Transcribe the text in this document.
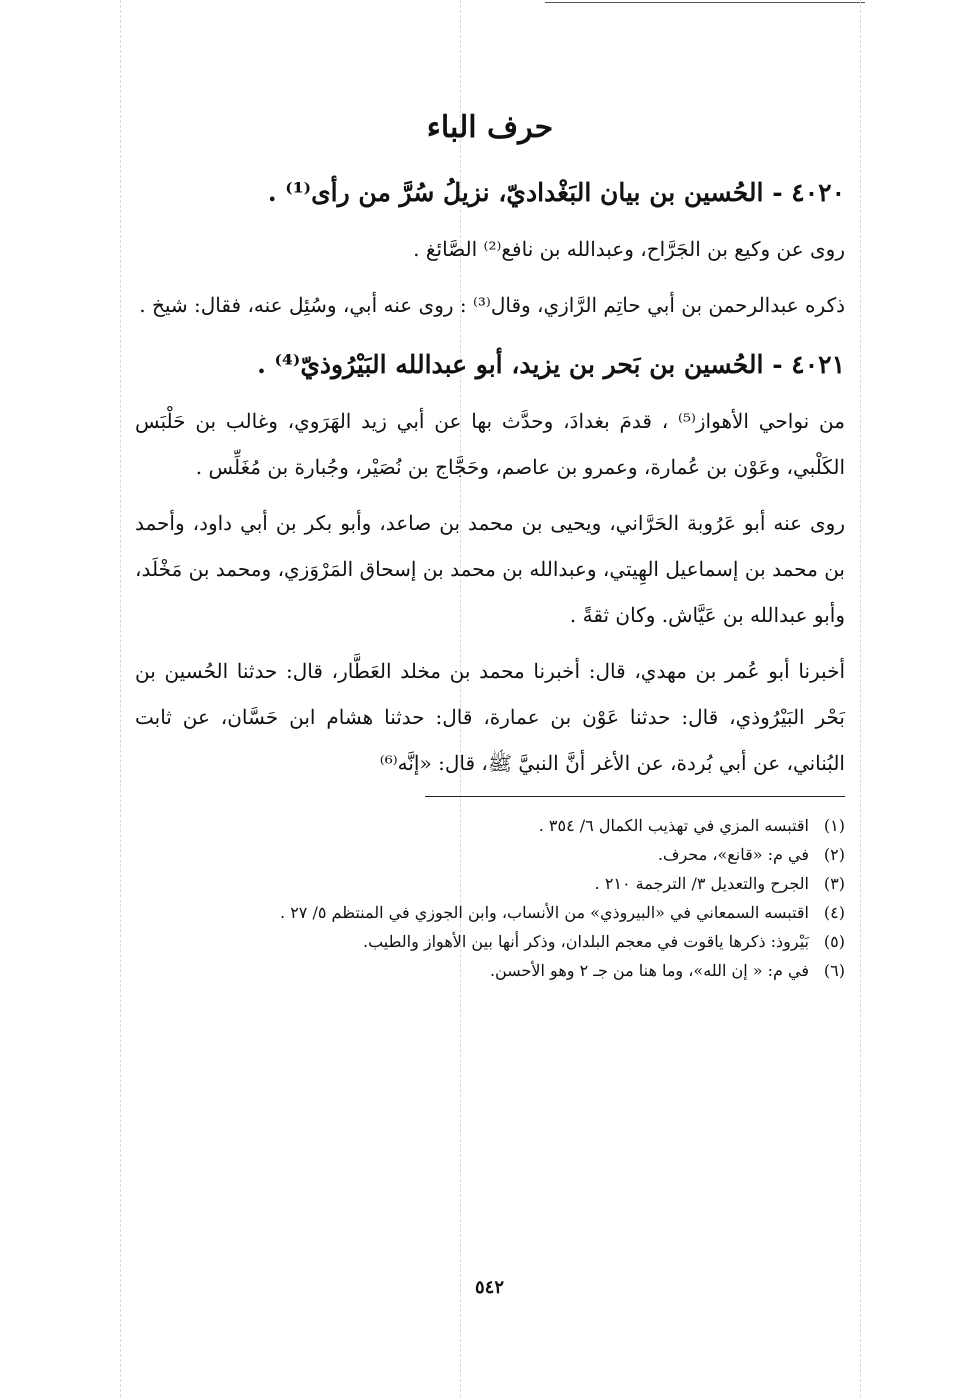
حرف الباء
٤٠٢٠ - الحُسين بن بيان البَغْداديّ، نزيلُ سُرَّ من رأى⁽¹⁾ .

روى عن وكيع بن الجَرَّاح، وعبدالله بن نافع⁽²⁾ الصَّائغ .

ذكره عبدالرحمن بن أبي حاتِم الرَّازي، وقال⁽³⁾ : روى عنه أبي، وسُئِل عنه، فقال: شيخ .

٤٠٢١ - الحُسين بن بَحر بن يزيد، أبو عبدالله البَيْرُوذيّ⁽⁴⁾ .

من نواحي الأهواز⁽⁵⁾ ، قدمَ بغدادَ، وحدَّث بها عن أبي زيد الهَرَوي، وغالب بن حَلْبَس الكَلْبي، وعَوْن بن عُمارة، وعمرو بن عاصم، وحَجَّاج بن نُصَيْر، وجُبارة بن مُغَلِّس .

روى عنه أبو عَرُوبة الحَرَّاني، ويحيى بن محمد بن صاعد، وأبو بكر بن أبي داود، وأحمد بن محمد بن إسماعيل الهِيتي، وعبدالله بن محمد بن إسحاق المَرْوَزي، ومحمد بن مَخْلَد، وأبو عبدالله بن عَيَّاش. وكان ثقةً .

أخبرنا أبو عُمر بن مهدي، قال: أخبرنا محمد بن مخلد العَطَّار، قال: حدثنا الحُسين بن بَحْر البَيْرُوذي، قال: حدثنا عَوْن بن عمارة، قال: حدثنا هشام ابن حَسَّان، عن ثابت البُناني، عن أبي بُردة، عن الأغر أنَّ النبيَّ ﷺ، قال: «إنَّه⁽⁶⁾

(١)
اقتبسه المزي في تهذيب الكمال ٦/ ٣٥٤ .
(٢)
في م: «قانع»، محرف.
(٣)
الجرح والتعديل ٣/ الترجمة ٢١٠ .
(٤)
اقتبسه السمعاني في «البيروذي» من الأنساب، وابن الجوزي في المنتظم ٥/ ٢٧ .
(٥)
بَيْروذ: ذكرها ياقوت في معجم البلدان، وذكر أنها بين الأهواز والطيب.
(٦)
في م: « إن الله»، وما هنا من جـ ٢ وهو الأحسن.
٥٤٢
